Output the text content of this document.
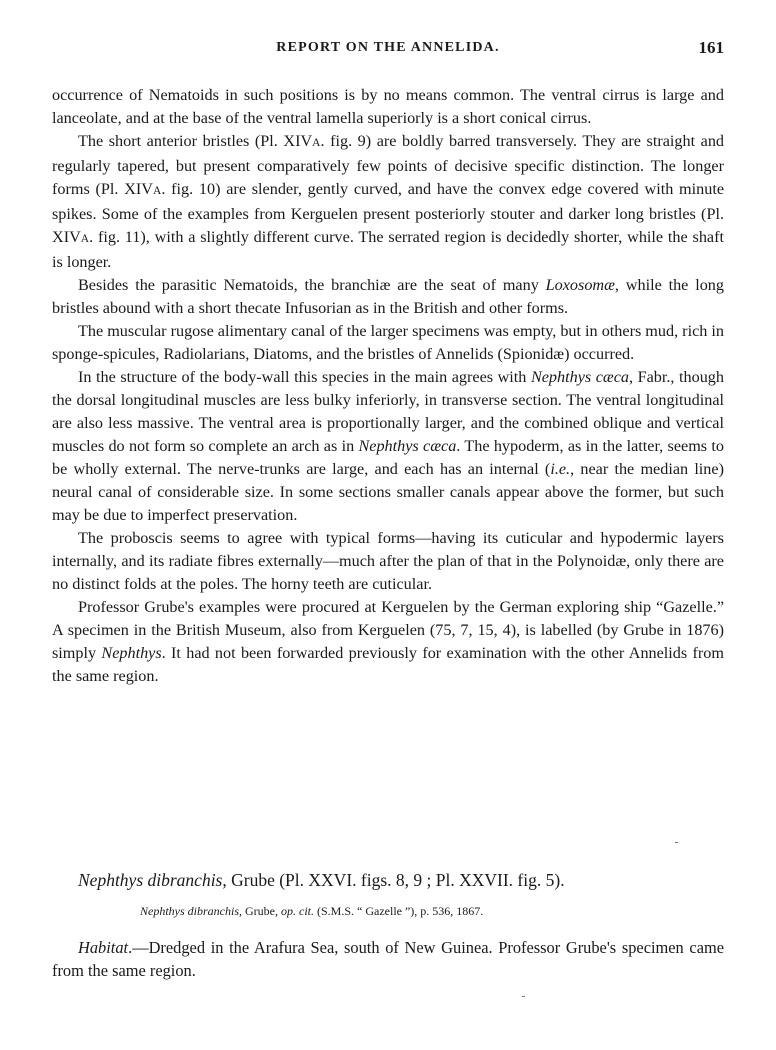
REPORT ON THE ANNELIDA.	161

occurrence of Nematoids in such positions is by no means common. The ventral cirrus is large and lanceolate, and at the base of the ventral lamella superiorly is a short conical cirrus.

The short anterior bristles (Pl. XIVA. fig. 9) are boldly barred transversely. They are straight and regularly tapered, but present comparatively few points of decisive specific distinction. The longer forms (Pl. XIVA. fig. 10) are slender, gently curved, and have the convex edge covered with minute spikes. Some of the examples from Kerguelen present posteriorly stouter and darker long bristles (Pl. XIVA. fig. 11), with a slightly different curve. The serrated region is decidedly shorter, while the shaft is longer.

Besides the parasitic Nematoids, the branchiæ are the seat of many Loxosomæ, while the long bristles abound with a short thecate Infusorian as in the British and other forms.

The muscular rugose alimentary canal of the larger specimens was empty, but in others mud, rich in sponge-spicules, Radiolarians, Diatoms, and the bristles of Annelids (Spionidæ) occurred.

In the structure of the body-wall this species in the main agrees with Nephthys cæca, Fabr., though the dorsal longitudinal muscles are less bulky inferiorly, in transverse section. The ventral longitudinal are also less massive. The ventral area is proportionally larger, and the combined oblique and vertical muscles do not form so complete an arch as in Nephthys cæca. The hypoderm, as in the latter, seems to be wholly external. The nerve-trunks are large, and each has an internal (i.e., near the median line) neural canal of considerable size. In some sections smaller canals appear above the former, but such may be due to imperfect preservation.

The proboscis seems to agree with typical forms—having its cuticular and hypodermic layers internally, and its radiate fibres externally—much after the plan of that in the Polynoidæ, only there are no distinct folds at the poles. The horny teeth are cuticular.

Professor Grube's examples were procured at Kerguelen by the German exploring ship “Gazelle.” A specimen in the British Museum, also from Kerguelen (75, 7, 15, 4), is labelled (by Grube in 1876) simply Nephthys. It had not been forwarded previously for examination with the other Annelids from the same region.

Nephthys dibranchis, Grube (Pl. XXVI. figs. 8, 9 ; Pl. XXVII. fig. 5).
Nephthys dibranchis, Grube, op. cit. (S.M.S. “ Gazelle ”), p. 536, 1867.

Habitat.—Dredged in the Arafura Sea, south of New Guinea. Professor Grube's specimen came from the same region.
